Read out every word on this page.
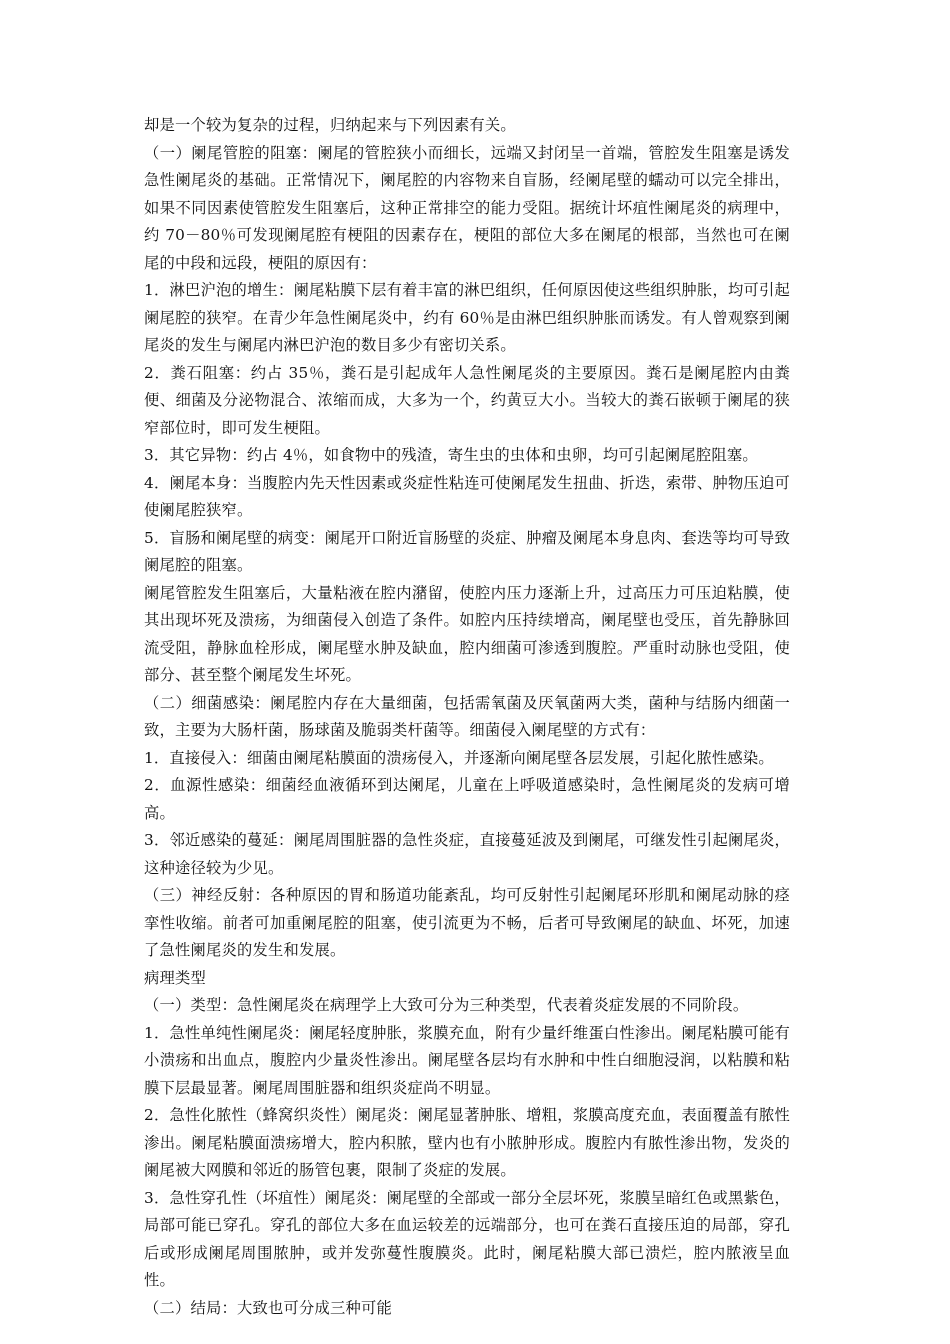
却是一个较为复杂的过程，归纳起来与下列因素有关。

（一）阑尾管腔的阻塞：阑尾的管腔狭小而细长，远端又封闭呈一首端，管腔发生阻塞是诱发急性阑尾炎的基础。正常情况下，阑尾腔的内容物来自盲肠，经阑尾壁的蠕动可以完全排出，如果不同因素使管腔发生阻塞后，这种正常排空的能力受阻。据统计坏疽性阑尾炎的病理中，约 70－80％可发现阑尾腔有梗阻的因素存在，梗阻的部位大多在阑尾的根部，当然也可在阑尾的中段和远段，梗阻的原因有：

1．淋巴沪泡的增生：阑尾粘膜下层有着丰富的淋巴组织，任何原因使这些组织肿胀，均可引起阑尾腔的狭窄。在青少年急性阑尾炎中，约有 60％是由淋巴组织肿胀而诱发。有人曾观察到阑尾炎的发生与阑尾内淋巴沪泡的数目多少有密切关系。

2．粪石阻塞：约占 35％，粪石是引起成年人急性阑尾炎的主要原因。粪石是阑尾腔内由粪便、细菌及分泌物混合、浓缩而成，大多为一个，约黄豆大小。当较大的粪石嵌顿于阑尾的狭窄部位时，即可发生梗阻。

3．其它异物：约占 4％，如食物中的残渣，寄生虫的虫体和虫卵，均可引起阑尾腔阻塞。

4．阑尾本身：当腹腔内先天性因素或炎症性粘连可使阑尾发生扭曲、折迭，索带、肿物压迫可使阑尾腔狭窄。

5．盲肠和阑尾壁的病变：阑尾开口附近盲肠壁的炎症、肿瘤及阑尾本身息肉、套迭等均可导致阑尾腔的阻塞。

阑尾管腔发生阻塞后，大量粘液在腔内潴留，使腔内压力逐渐上升，过高压力可压迫粘膜，使其出现坏死及溃疡，为细菌侵入创造了条件。如腔内压持续增高，阑尾壁也受压，首先静脉回流受阻，静脉血栓形成，阑尾壁水肿及缺血，腔内细菌可渗透到腹腔。严重时动脉也受阻，使部分、甚至整个阑尾发生坏死。

（二）细菌感染：阑尾腔内存在大量细菌，包括需氧菌及厌氧菌两大类，菌种与结肠内细菌一致，主要为大肠杆菌，肠球菌及脆弱类杆菌等。细菌侵入阑尾壁的方式有：

1．直接侵入：细菌由阑尾粘膜面的溃疡侵入，并逐渐向阑尾壁各层发展，引起化脓性感染。

2．血源性感染：细菌经血液循环到达阑尾，儿童在上呼吸道感染时，急性阑尾炎的发病可增高。

3．邻近感染的蔓延：阑尾周围脏器的急性炎症，直接蔓延波及到阑尾，可继发性引起阑尾炎，这种途径较为少见。

（三）神经反射：各种原因的胃和肠道功能紊乱，均可反射性引起阑尾环形肌和阑尾动脉的痉挛性收缩。前者可加重阑尾腔的阻塞，使引流更为不畅，后者可导致阑尾的缺血、坏死，加速了急性阑尾炎的发生和发展。

病理类型

（一）类型：急性阑尾炎在病理学上大致可分为三种类型，代表着炎症发展的不同阶段。

1．急性单纯性阑尾炎：阑尾轻度肿胀，浆膜充血，附有少量纤维蛋白性渗出。阑尾粘膜可能有小溃疡和出血点，腹腔内少量炎性渗出。阑尾壁各层均有水肿和中性白细胞浸润，以粘膜和粘膜下层最显著。阑尾周围脏器和组织炎症尚不明显。

2．急性化脓性（蜂窝织炎性）阑尾炎：阑尾显著肿胀、增粗，浆膜高度充血，表面覆盖有脓性渗出。阑尾粘膜面溃疡增大，腔内积脓，壁内也有小脓肿形成。腹腔内有脓性渗出物，发炎的阑尾被大网膜和邻近的肠管包裹，限制了炎症的发展。

3．急性穿孔性（坏疽性）阑尾炎：阑尾壁的全部或一部分全层坏死，浆膜呈暗红色或黑紫色，局部可能已穿孔。穿孔的部位大多在血运较差的远端部分，也可在粪石直接压迫的局部，穿孔后或形成阑尾周围脓肿，或并发弥蔓性腹膜炎。此时，阑尾粘膜大部已溃烂，腔内脓液呈血性。

（二）结局：大致也可分成三种可能
